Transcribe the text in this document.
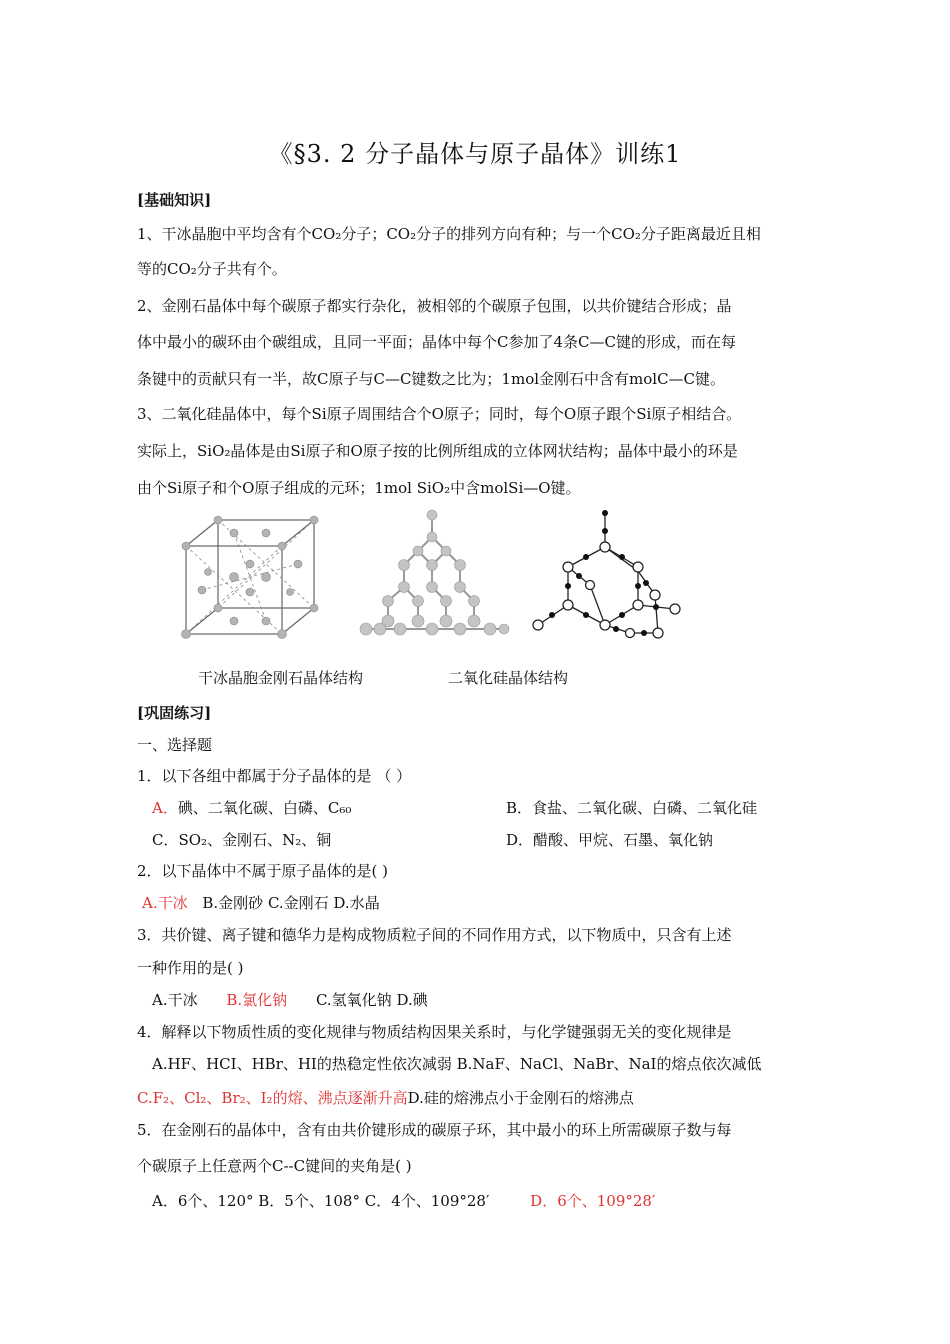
《§3. 2 分子晶体与原子晶体》训练1
[基础知识]
1、干冰晶胞中平均含有个CO₂分子；CO₂分子的排列方向有种；与一个CO₂分子距离最近且相
等的CO₂分子共有个。
2、金刚石晶体中每个碳原子都实行杂化，被相邻的个碳原子包围，以共价键结合形成；晶
体中最小的碳环由个碳组成，且同一平面；晶体中每个C参加了4条C—C键的形成，而在每
条键中的贡献只有一半，故C原子与C—C键数之比为；1mol金刚石中含有molC—C键。
3、二氧化硅晶体中，每个Si原子周围结合个O原子；同时，每个O原子跟个Si原子相结合。
实际上，SiO₂晶体是由Si原子和O原子按的比例所组成的立体网状结构；晶体中最小的环是
由个Si原子和个O原子组成的元环；1mol SiO₂中含molSi—O键。
干冰晶胞金刚石晶体结构	二氧化硅晶体结构
[巩固练习]
一、选择题
1．以下各组中都属于分子晶体的是 （ ）
A．碘、二氧化碳、白磷、C₆₀	B．食盐、二氧化碳、白磷、二氧化硅
C．SO₂、金刚石、N₂、铜	D．醋酸、甲烷、石墨、氧化钠
2．以下晶体中不属于原子晶体的是( )
A.干冰 B.金刚砂 C.金刚石 D.水晶
3．共价键、离子键和德华力是构成物质粒子间的不同作用方式，以下物质中，只含有上述
一种作用的是( )
A.干冰 B.氯化钠 C.氢氧化钠 D.碘
4．解释以下物质性质的变化规律与物质结构因果关系时，与化学键强弱无关的变化规律是
A.HF、HCI、HBr、HI的热稳定性依次减弱 B.NaF、NaCl、NaBr、NaI的熔点依次减低
C.F₂、Cl₂、Br₂、I₂的熔、沸点逐渐升高D.硅的熔沸点小于金刚石的熔沸点
5．在金刚石的晶体中，含有由共价键形成的碳原子环，其中最小的环上所需碳原子数与每
个碳原子上任意两个C--C键间的夹角是( )
A．6个、120° B．5个、108° C．4个、109°28′	D．6个、109°28′
